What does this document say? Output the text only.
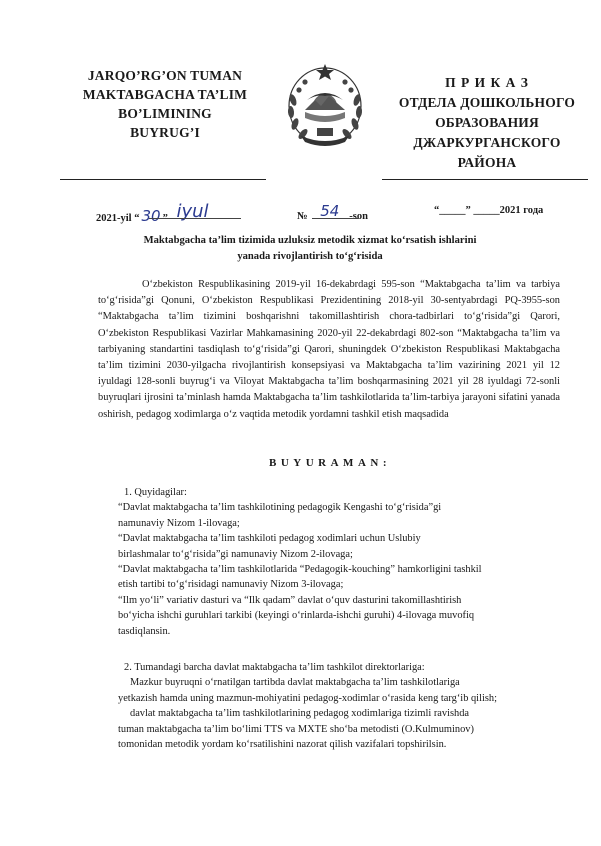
JARQO’RG’ON TUMAN
MAKTABGACHA TA’LIM
BO’LIMINING
BUYRUG’I
П Р И К А З
ОТДЕЛА ДОШКОЛЬНОГО
ОБРАЗОВАНИЯ
ДЖАРКУРГАНСКОГО
РАЙОНА
2021-yil “ 30 ” iyul	№ 54 -son
“_____” _____2021 года
Maktabgacha ta’lim tizimida uzluksiz metodik xizmat ko‘rsatish ishlarini
yanada rivojlantirish to‘g‘risida
O‘zbekiston Respublikasining 2019-yil 16-dekabrdagi 595-son “Maktabgacha ta’lim va tarbiya to‘g‘risida”gi Qonuni, O‘zbekiston Respublikasi Prezidentining 2018-yil 30-sentyabrdagi PQ-3955-son “Maktabgacha ta’lim tizimini boshqarishni takomillashtirish chora-tadbirlari to‘g‘risida”gi Qarori, O‘zbekiston Respublikasi Vazirlar Mahkamasining 2020-yil 22-dekabrdagi 802-son “Maktabgacha ta’lim va tarbiyaning standartini tasdiqlash to‘g‘risida”gi Qarori, shuningdek O‘zbekiston Respublikasi Maktabgacha ta’lim tizimini 2030-yilgacha rivojlantirish konsepsiyasi va Maktabgacha ta’lim vazirining 2021 yil 12 iyuldagi 128-sonli buyrug‘i va Viloyat Maktabgacha ta’lim boshqarmasining 2021 yil 28 iyuldagi 72-sonli buyruqlari ijrosini ta’minlash hamda Maktabgacha ta’lim tashkilotlarida ta’lim-tarbiya jarayoni sifatini yanada oshirish, pedagog xodimlarga o‘z vaqtida metodik yordamni tashkil etish maqsadida
BUYURAMAN:
1. Quyidagilar:
“Davlat maktabgacha ta’lim tashkilotining pedagogik Kengashi to‘g‘risida”gi
namunaviy Nizom 1-ilovaga;
“Davlat maktabgacha ta’lim tashkiloti pedagog xodimlari uchun Uslubiy
birlashmalar to‘g‘risida”gi namunaviy Nizom 2-ilovaga;
“Davlat maktabgacha ta’lim tashkilotlarida “Pedagogik-kouching” hamkorligini tashkil
etish tartibi to‘g‘risidagi namunaviy Nizom 3-ilovaga;
“Ilm yo‘li” variativ dasturi va “Ilk qadam” davlat o‘quv dasturini takomillashtirish
bo‘yicha ishchi guruhlari tarkibi (keyingi o‘rinlarda-ishchi guruhi) 4-ilovaga muvofiq
tasdiqlansin.
2. Tumandagi barcha davlat maktabgacha ta’lim tashkilot direktorlariga:
Mazkur buyruqni o‘rnatilgan tartibda davlat maktabgacha ta’lim tashkilotlariga
yetkazish hamda uning mazmun-mohiyatini pedagog-xodimlar o‘rasida keng targ‘ib qilish;
davlat maktabgacha ta’lim tashkilotlarining pedagog xodimlariga tizimli ravishda
tuman maktabgacha ta’lim bo‘limi TTS va MXTE sho‘ba metodisti (O.Kulmuminov)
tomonidan metodik yordam ko‘rsatilishini nazorat qilish vazifalari topshirilsin.
